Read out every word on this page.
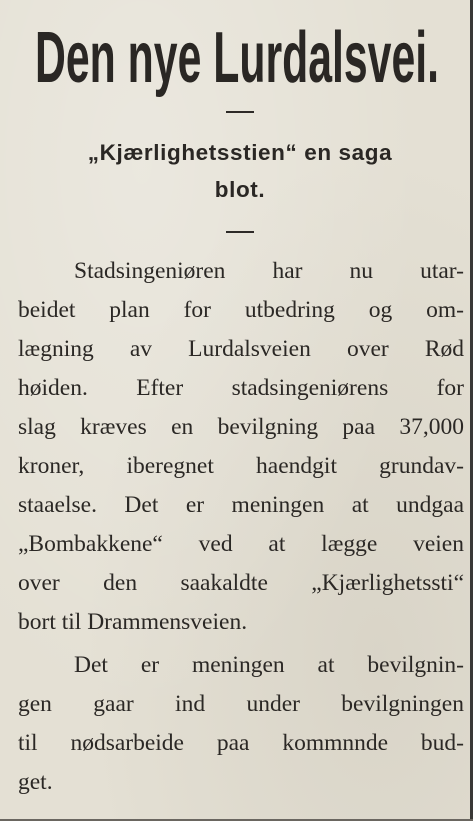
Den nye Lurdalsvei.
„Kjærlighetsstien“ en saga
blot.
Stadsingeniøren har nu utar-
beidet plan for utbedring og om-
lægning av Lurdalsveien over Rød
høiden. Efter stadsingeniørens for
slag kræves en bevilgning paa 37,000
kroner, iberegnet haendgit grundav-
staaelse. Det er meningen at undgaa
„Bombakkene“ ved at lægge veien
over den saakaldte „Kjærlighetssti“
bort til Drammensveien.
Det er meningen at bevilgnin-
gen gaar ind under bevilgningen
til nødsarbeide paa kommnnde bud-
get.
